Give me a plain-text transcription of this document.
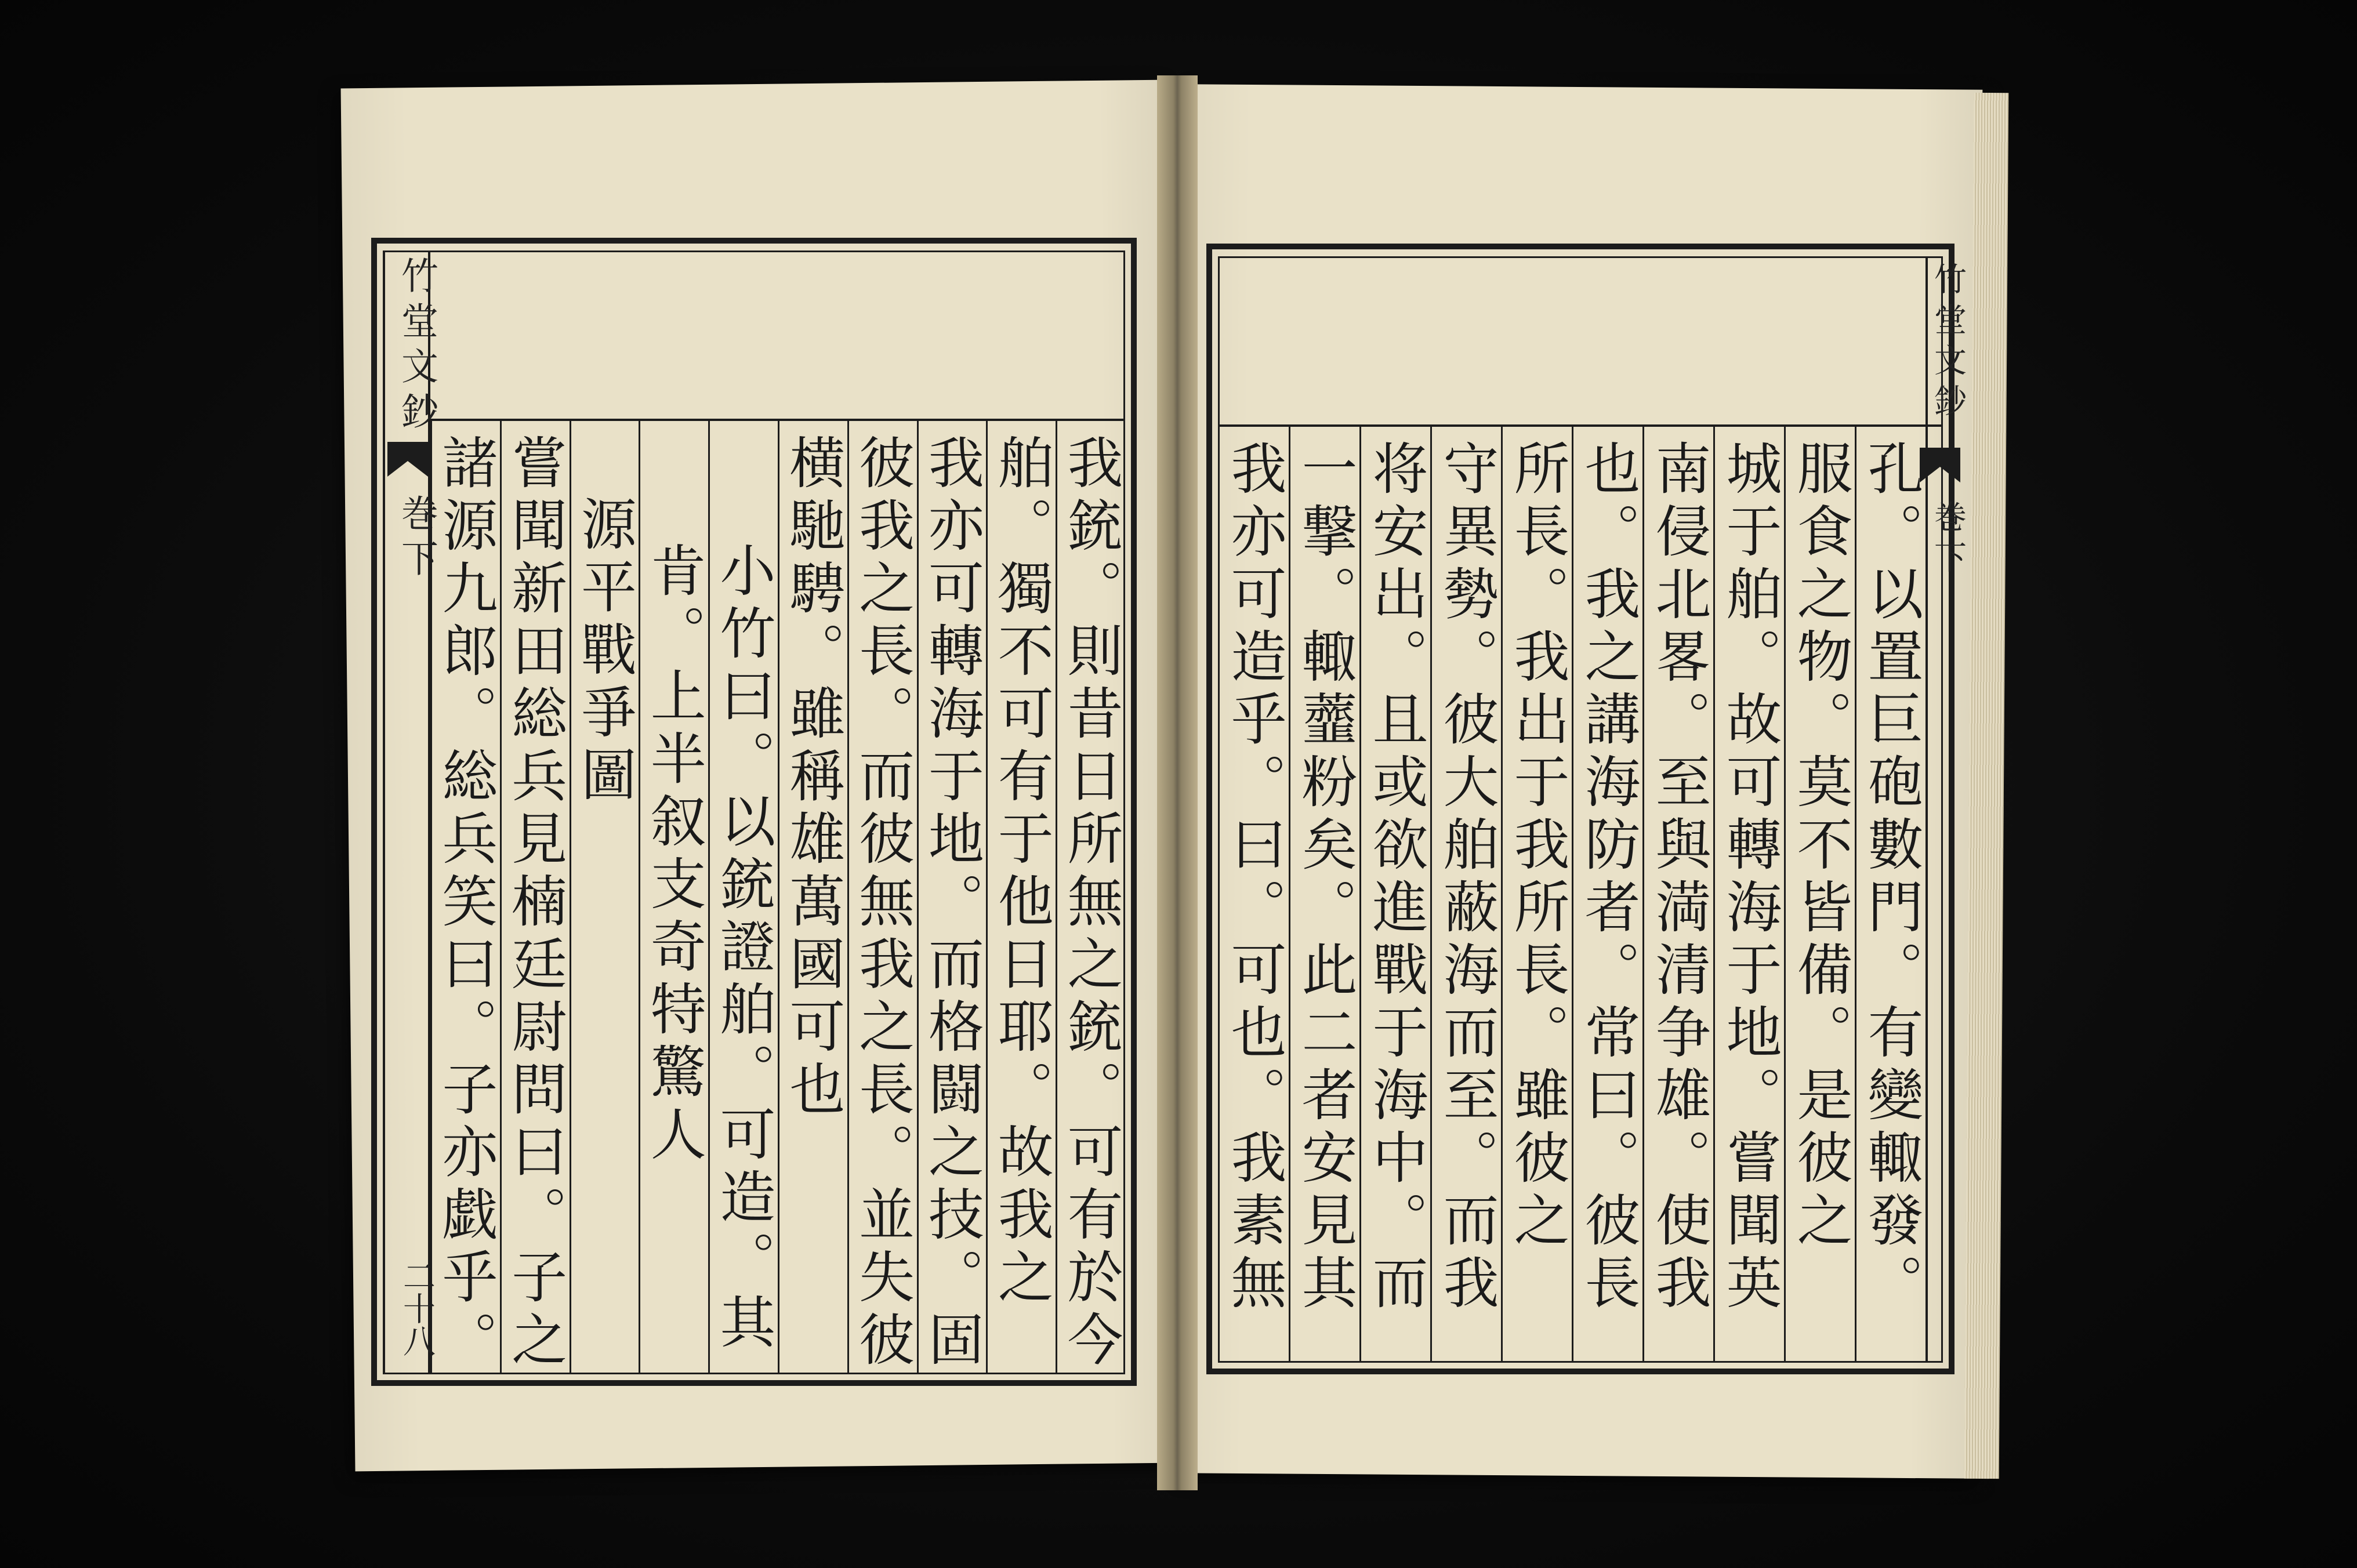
竹堂文鈔
巻下
二十八
我銃。則昔日所無之銃。可有於今
舶。獨不可有于他日耶。故我之
我亦可轉海于地。而格闘之技。固
彼我之長。而彼無我之長。並失彼
横馳騁。雖稱雄萬國可也
小竹曰。以銃證舶。可造。其
肯。上半叙支奇特驚人
源平戰爭圖
嘗聞新田総兵見楠廷尉問曰。子之
諸源九郎。総兵笑曰。子亦戯乎。
竹堂文鈔
巻下
孔。以置巨砲數門。有變輙發。
服食之物。莫不皆備。是彼之
城于舶。故可轉海于地。嘗聞英
南侵北畧。至與満清争雄。使我
也。我之講海防者。常曰。彼長
所長。我出于我所長。雖彼之
守異勢。彼大舶蔽海而至。而我
将安出。且或欲進戰于海中。而
一撃。輙虀粉矣。此二者安見其
我亦可造乎。曰。可也。我素無
